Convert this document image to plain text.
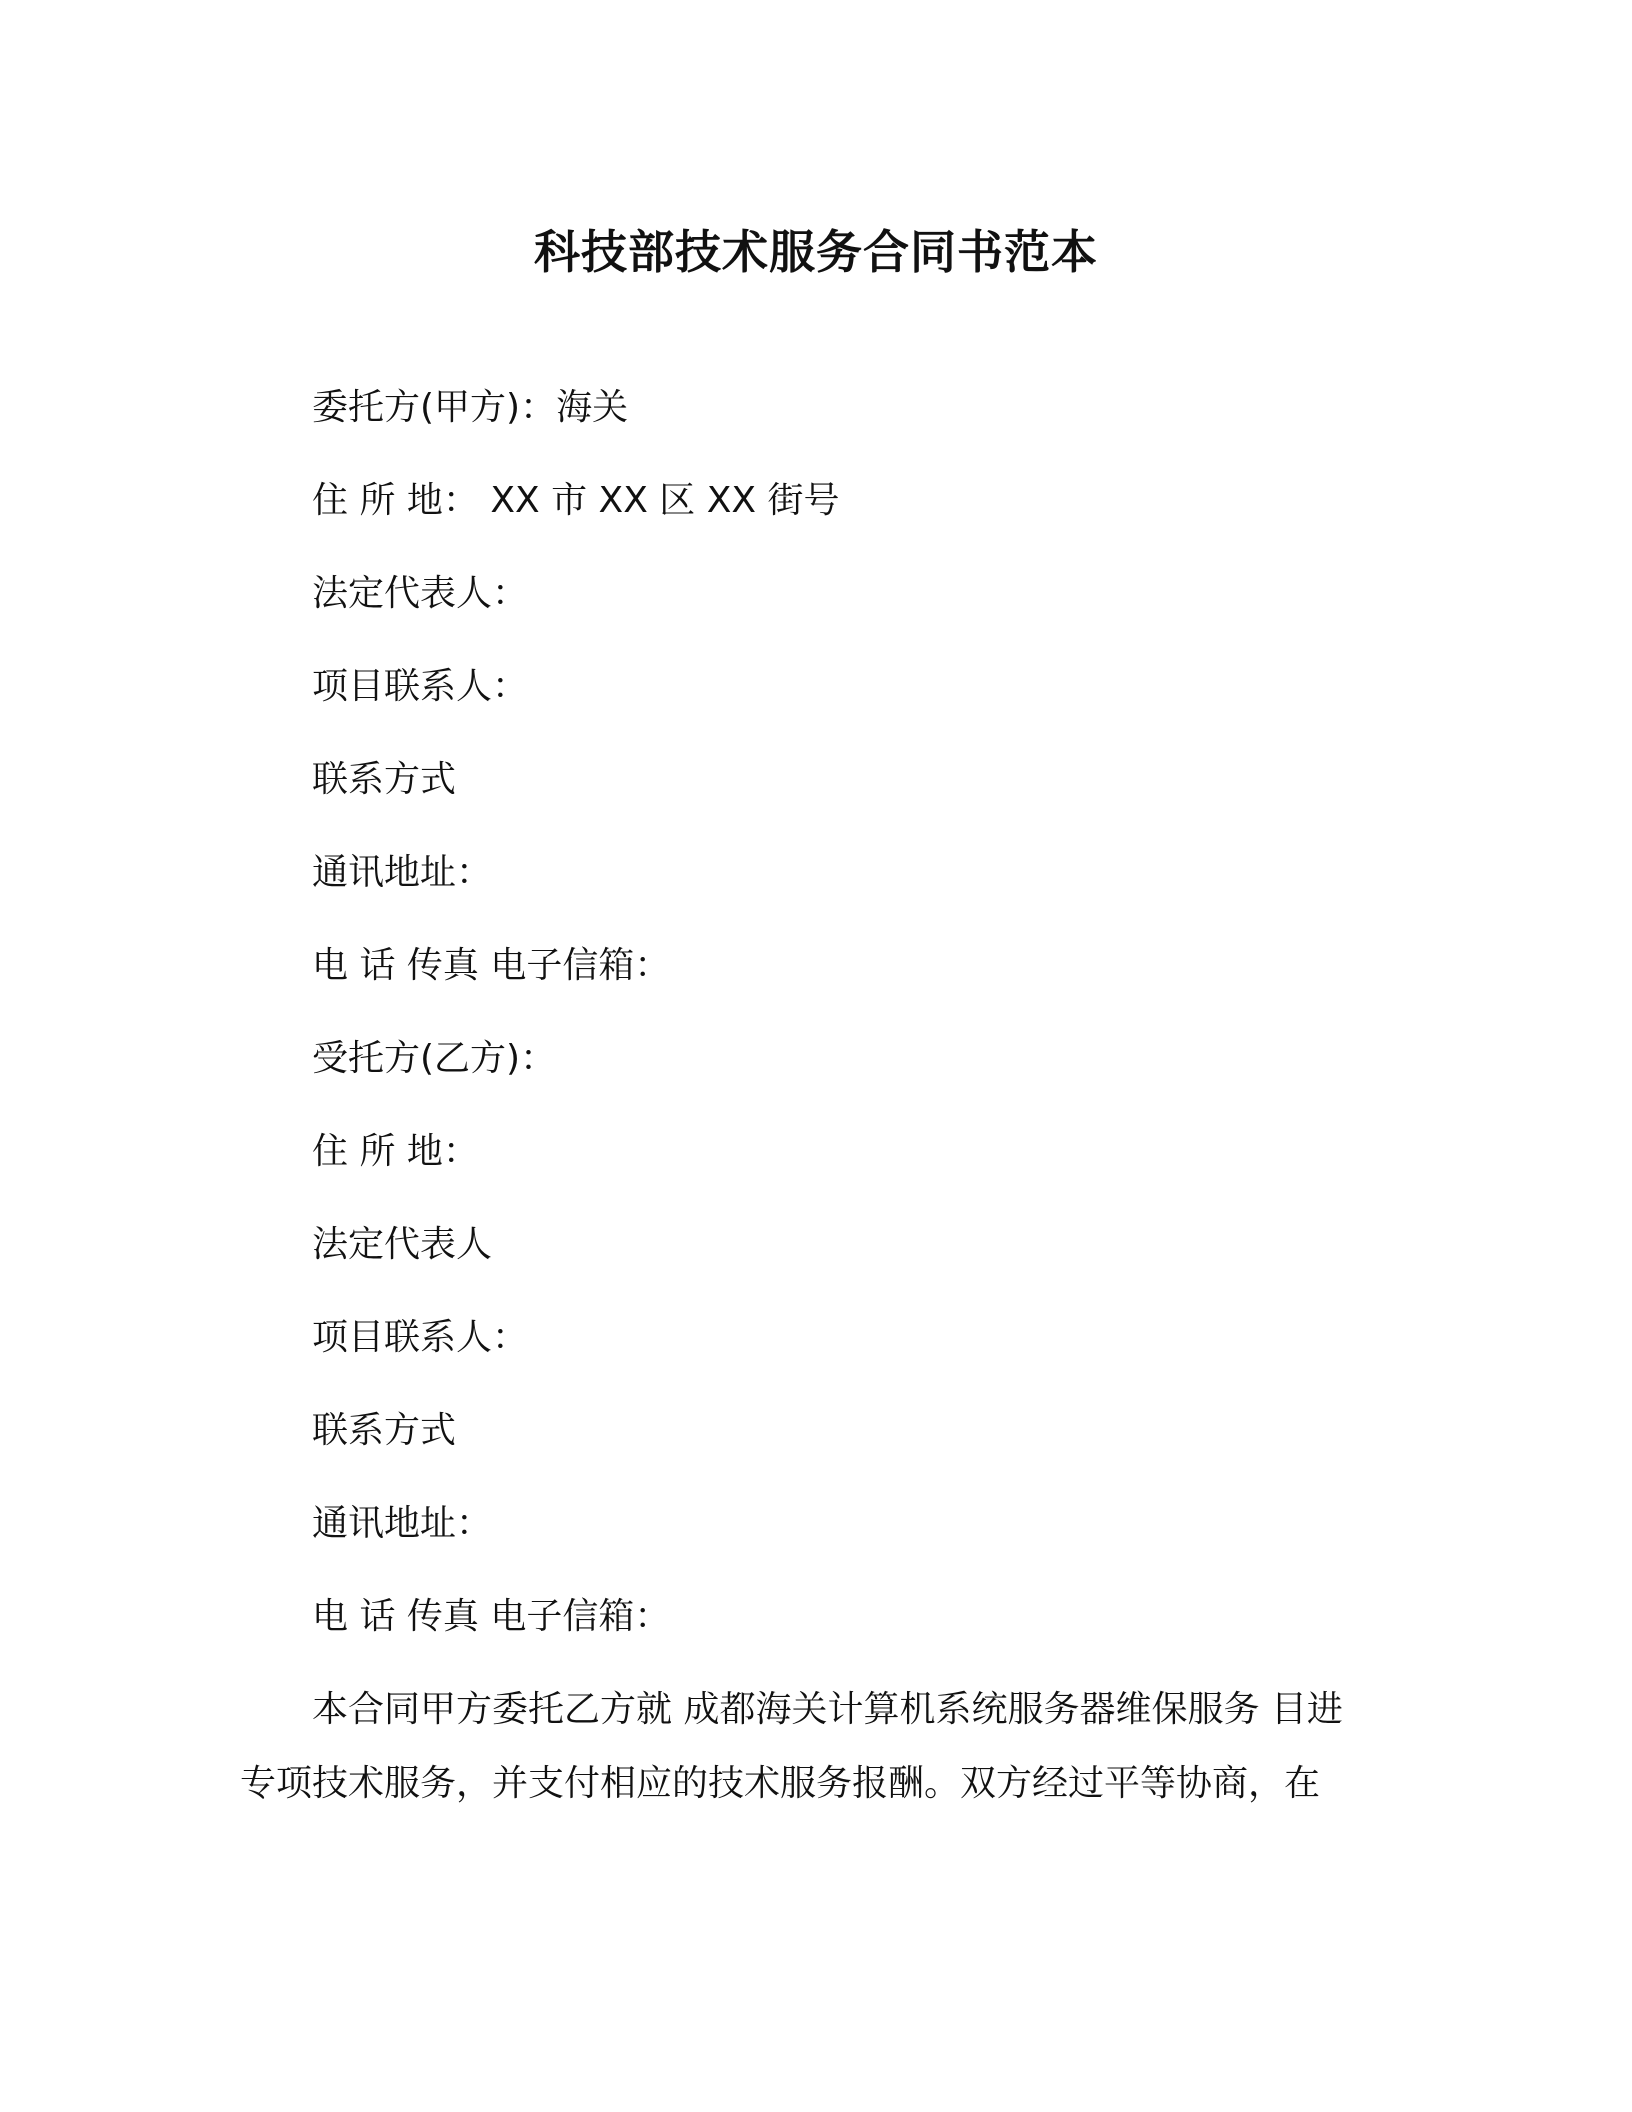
科技部技术服务合同书范本
委托方(甲方)：海关
住 所 地： XX 市 XX 区 XX 街号
法定代表人：
项目联系人：
联系方式
通讯地址：
电 话 传真 电子信箱：
受托方(乙方)：
住 所 地：
法定代表人
项目联系人：
联系方式
通讯地址：
电 话 传真 电子信箱：
本合同甲方委托乙方就 成都海关计算机系统服务器维保服务 目进
专项技术服务，并支付相应的技术服务报酬。双方经过平等协商，在
